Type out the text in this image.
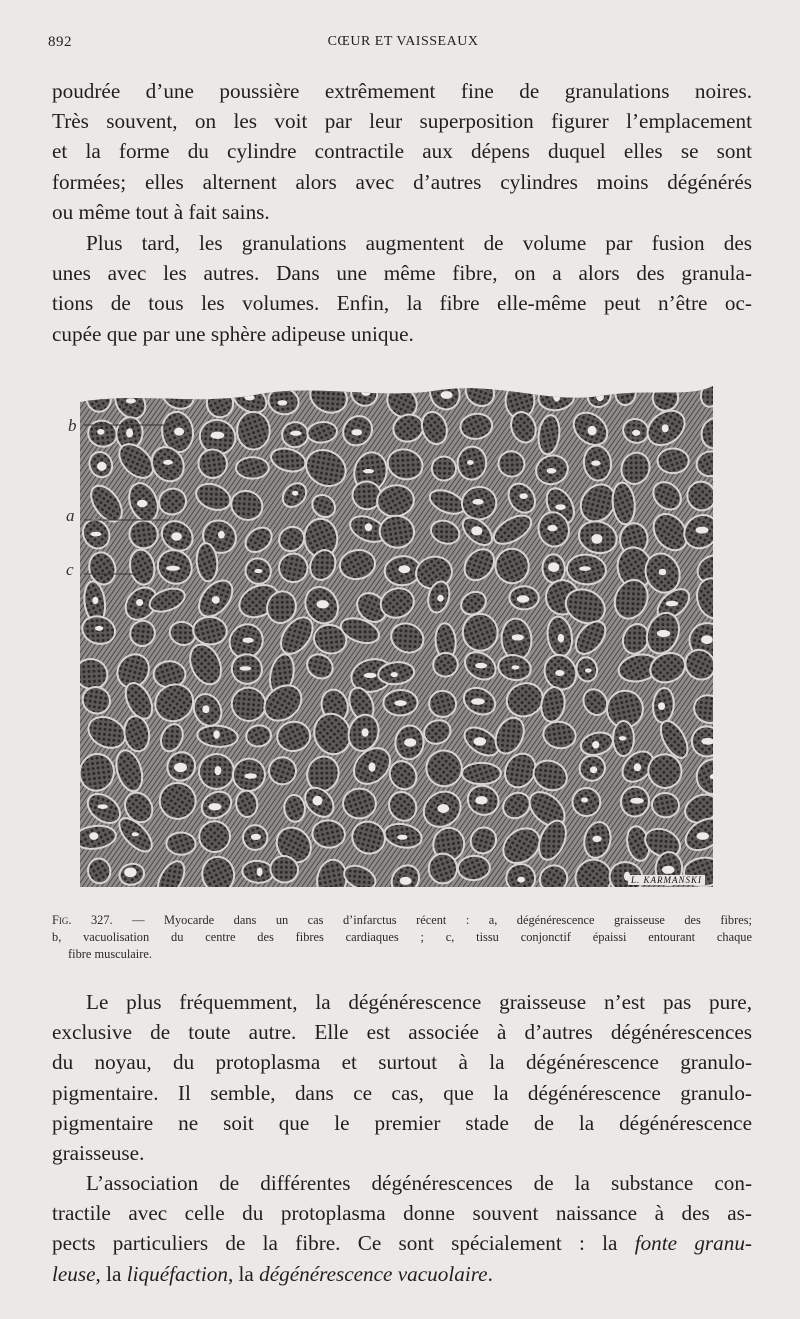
892	CŒUR ET VAISSEAUX

poudrée d’une poussière extrêmement fine de granulations noires.
Très souvent, on les voit par leur superposition figurer l’emplacement
et la forme du cylindre contractile aux dépens duquel elles se sont
formées; elles alternent alors avec d’autres cylindres moins dégénérés
ou même tout à fait sains.

Plus tard, les granulations augmentent de volume par fusion des
unes avec les autres. Dans une même fibre, on a alors des granula-
tions de tous les volumes. Enfin, la fibre elle-même peut n’être oc-
cupée que par une sphère adipeuse unique.

b
a
c
L. KARMANSKI
Fig. 327. — Myocarde dans un cas d’infarctus récent : a, dégénérescence graisseuse des fibres;
b, vacuolisation du centre des fibres cardiaques ; c, tissu conjonctif épaissi entourant chaque
fibre musculaire.

Le plus fréquemment, la dégénérescence graisseuse n’est pas pure,
exclusive de toute autre. Elle est associée à d’autres dégénérescences
du noyau, du protoplasma et surtout à la dégénérescence granulo-
pigmentaire. Il semble, dans ce cas, que la dégénérescence granulo-
pigmentaire ne soit que le premier stade de la dégénérescence
graisseuse.

L’association de différentes dégénérescences de la substance con-
tractile avec celle du protoplasma donne souvent naissance à des as-
pects particuliers de la fibre. Ce sont spécialement : la fonte granu-
leuse, la liquéfaction, la dégénérescence vacuolaire.
